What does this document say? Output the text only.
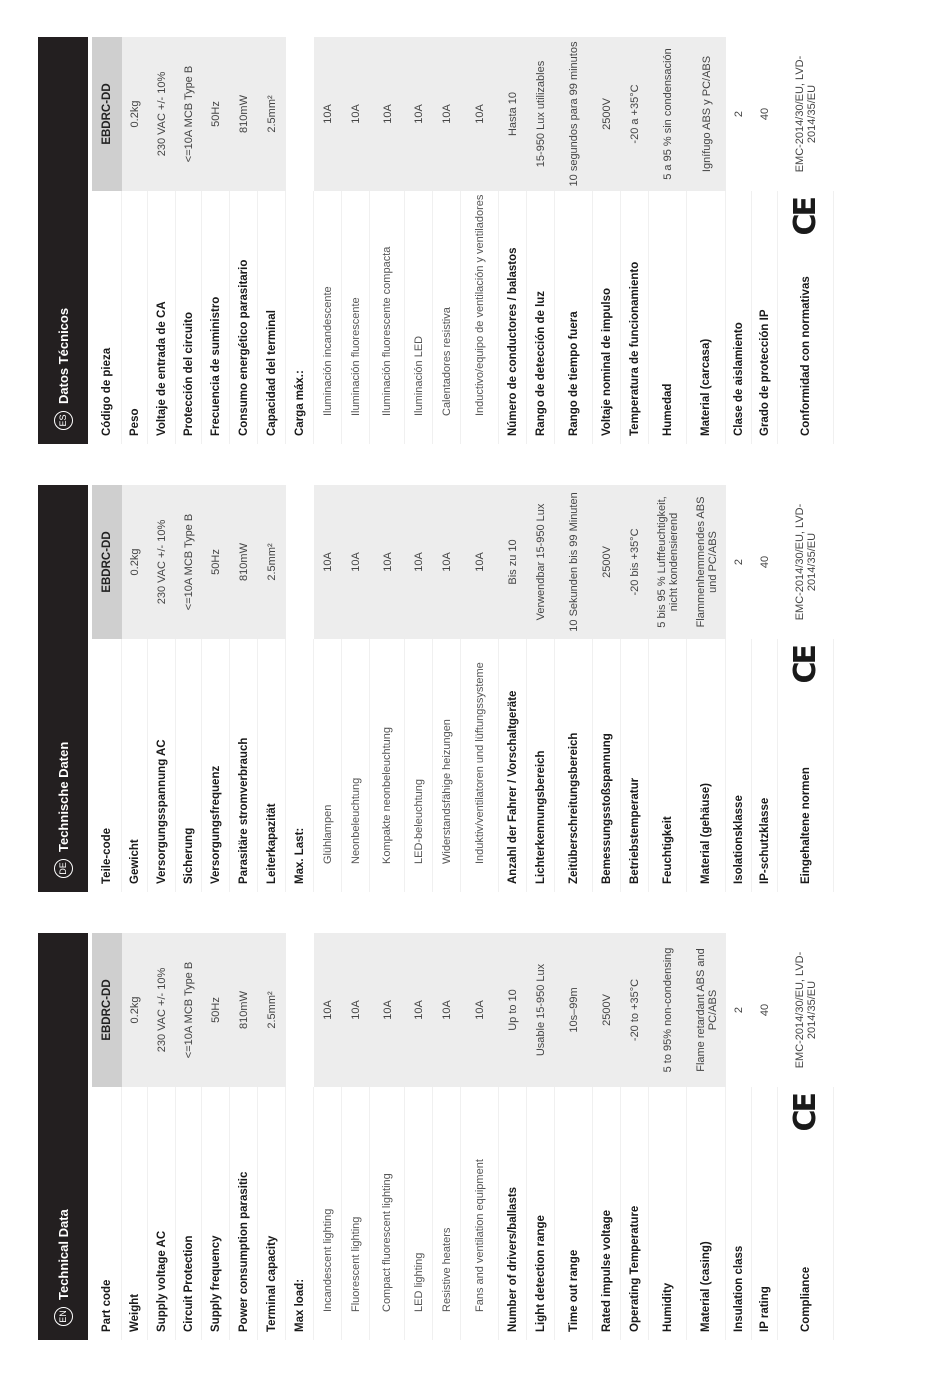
ES
Datos Técnicos	Código de pieza
EBDRC-DD
Peso
0.2kg
Voltaje de entrada de CA
230 VAC +/- 10%
Protección del circuito
<=10A MCB Type B
Frecuencia de suministro
50Hz
Consumo energético parasitario
810mW
Capacidad del terminal
2.5mm²
Carga máx.: Iluminación incandescente
10A
Iluminación fluorescente
10A
Iluminación fluorescente compacta
10A
Iluminación LED
10A
Calentadores resistiva
10A
Inductivo/equipo de ventilación y ventiladores
10A
Número de conductores / balastos
Hasta 10
Rango de detección de luz
15-950 Lux utilizables
Rango de tiempo fuera
10 segundos para 99 minutos
Voltaje nominal de impulso
2500V
Temperatura de funcionamiento
-20 a +35°C
Humedad
5 a 95 % sin condensación
Material (carcasa)
Ignífugo ABS y PC/ABS
Clase de aislamiento
2
Grado de protección IP
40
Conformidad con normativas
CE
EMC-2014/30/EU, LVD-2014/35/EU
DE
Technische Daten
Teile-code
EBDRC-DD
Gewicht
0.2kg
Versorgungsspannung AC
230 VAC +/- 10%
Sicherung
<=10A MCB Type B
Versorgungsfrequenz
50Hz
Parasitäre stromverbrauch
810mW
Leiterkapazität
2.5mm²
Max. Last: Glühlampen
10A
Neonbeleuchtung
10A
Kompakte neonbeleuchtung
10A
LED-beleuchtung
10A
Widerstandsfähige heizungen
10A
Induktiv/ventilatoren und lüftungssysteme
10A
Anzahl der Fahrer / Vorschaltgeräte
Bis zu 10
Lichterkennungsbereich
Verwendbar 15-950 Lux
Zeitüberschreitungsbereich
10 Sekunden bis 99 Minuten
Bemessungsstoßspannung
2500V
Betriebstemperatur
-20 bis +35°C
Feuchtigkeit
5 bis 95 % Luftfeuchtigkeit, nicht kondensierend
Material (gehäuse)
Flammenhemmendes ABS und PC/ABS
Isolationsklasse
2
IP-schutzklasse
40
Eingehaltene normen
CE
EMC-2014/30/EU, LVD-2014/35/EU
EN
Technical Data
Part code
EBDRC-DD
Weight
0.2kg
Supply voltage AC
230 VAC +/- 10%
Circuit Protection
<=10A MCB Type B
Supply frequency
50Hz
Power consumption parasitic
810mW
Terminal capacity
2.5mm²
Max load: Incandescent lighting
10A
Fluorescent lighting
10A
Compact fluorescent lighting
10A
LED lighting
10A
Resistive heaters
10A
Fans and ventilation equipment
10A
Number of drivers/ballasts
Up to 10
Light detection range
Usable 15-950 Lux
Time out range
10s–99m
Rated impulse voltage
2500V
Operating Temperature
-20 to +35°C
Humidity
5 to 95% non-condensing
Material (casing)
Flame retardant ABS and PC/ABS
Insulation class
2
IP rating
40
Compliance
CE
EMC-2014/30/EU, LVD-2014/35/EU
